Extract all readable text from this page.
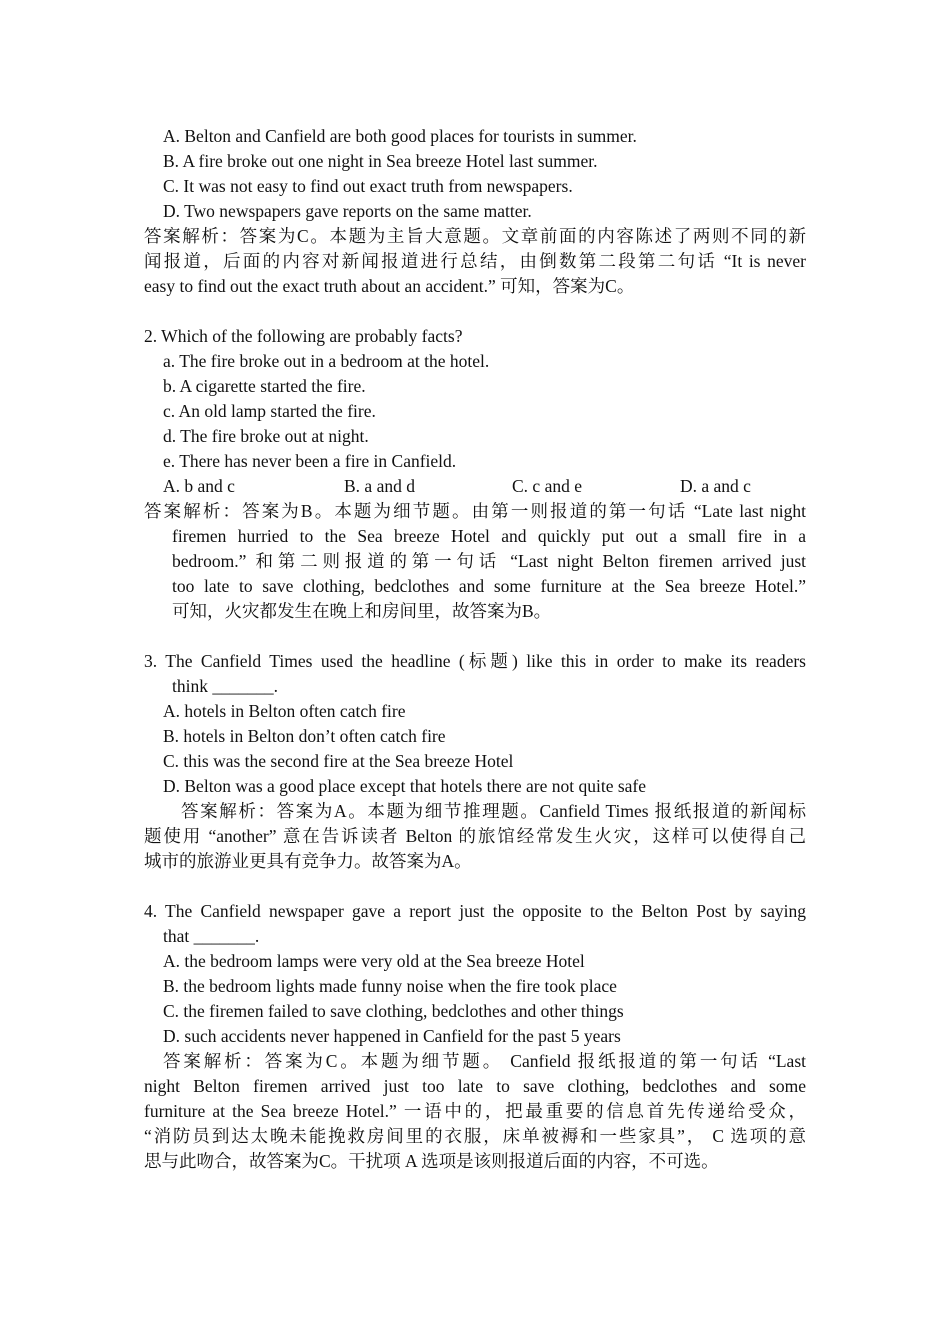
A. Belton and Canfield are both good places for tourists in summer.
B. A fire broke out one night in Sea breeze Hotel last summer.
C. It was not easy to find out exact truth from newspapers.
D. Two newspapers gave reports on the same matter.
答案解析：答案为C。本题为主旨大意题。文章前面的内容陈述了两则不同的新
闻报道，后面的内容对新闻报道进行总结，由倒数第二段第二句话 “It is never
easy to find out the exact truth about an accident.” 可知，答案为C。
2. Which of the following are probably facts?
a. The fire broke out in a bedroom at the hotel.
b. A cigarette started the fire.
c. An old lamp started the fire.
d. The fire broke out at night.
e. There has never been a fire in Canfield.
A. b and c	B. a and d	C. c and e	D. a and c
答案解析：答案为B。本题为细节题。由第一则报道的第一句话 “Late last night
firemen hurried to the Sea breeze Hotel and quickly put out a small fire in a
bedroom.” 和第二则报道的第一句话 “Last night Belton firemen arrived just
too late to save clothing, bedclothes and some furniture at the Sea breeze Hotel.”
可知，火灾都发生在晚上和房间里，故答案为B。
3. The Canfield Times used the headline (标题) like this in order to make its readers
think _______.
A. hotels in Belton often catch fire
B. hotels in Belton don’t often catch fire
C. this was the second fire at the Sea breeze Hotel
D. Belton was a good place except that hotels there are not quite safe
答案解析：答案为A。本题为细节推理题。Canfield Times 报纸报道的新闻标
题使用 “another” 意在告诉读者 Belton 的旅馆经常发生火灾，这样可以使得自己
城市的旅游业更具有竞争力。故答案为A。
4. The Canfield newspaper gave a report just the opposite to the Belton Post by saying
that _______.
A. the bedroom lamps were very old at the Sea breeze Hotel
B. the bedroom lights made funny noise when the fire took place
C. the firemen failed to save clothing, bedclothes and other things
D. such accidents never happened in Canfield for the past 5 years
答案解析：答案为C。本题为细节题。 Canfield 报纸报道的第一句话 “Last
night Belton firemen arrived just too late to save clothing, bedclothes and some
furniture at the Sea breeze Hotel.” 一语中的，把最重要的信息首先传递给受众，
“消防员到达太晚未能挽救房间里的衣服，床单被褥和一些家具”， C 选项的意
思与此吻合，故答案为C。干扰项 A 选项是该则报道后面的内容，不可选。
